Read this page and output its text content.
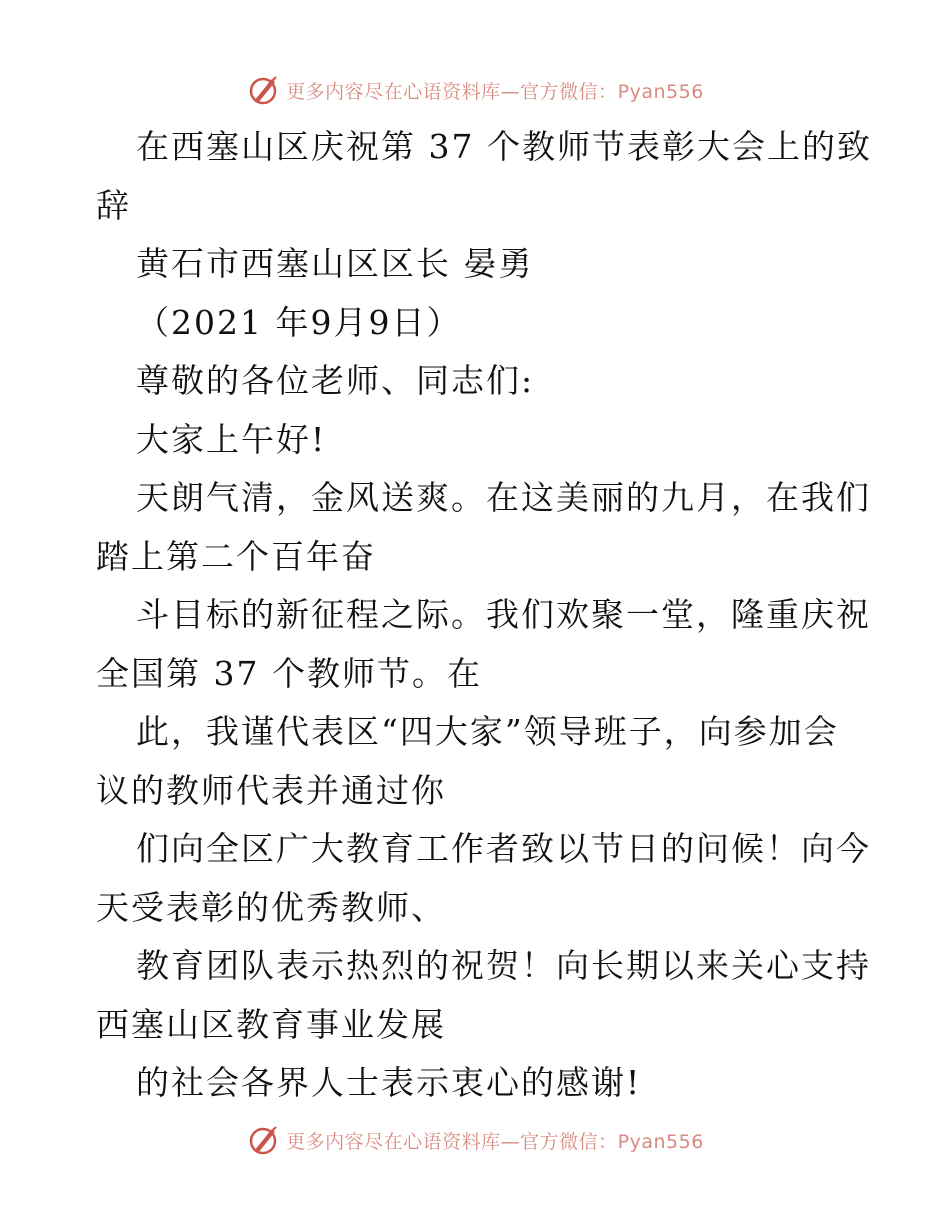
更多内容尽在心语资料库—官方微信：Pyan556
在西塞山区庆祝第 37 个教师节表彰大会上的致
辞
黄石市西塞山区区长 晏勇
（2021 年9月9日）
尊敬的各位老师、同志们:
大家上午好!
天朗气清，金风送爽。在这美丽的九月，在我们
踏上第二个百年奋
斗目标的新征程之际。我们欢聚一堂，隆重庆祝
全国第 37 个教师节。在
此，我谨代表区“四大家”领导班子，向参加会
议的教师代表并通过你
们向全区广大教育工作者致以节日的问候！向今
天受表彰的优秀教师、
教育团队表示热烈的祝贺！向长期以来关心支持
西塞山区教育事业发展
的社会各界人士表示衷心的感谢!
更多内容尽在心语资料库—官方微信：Pyan556
